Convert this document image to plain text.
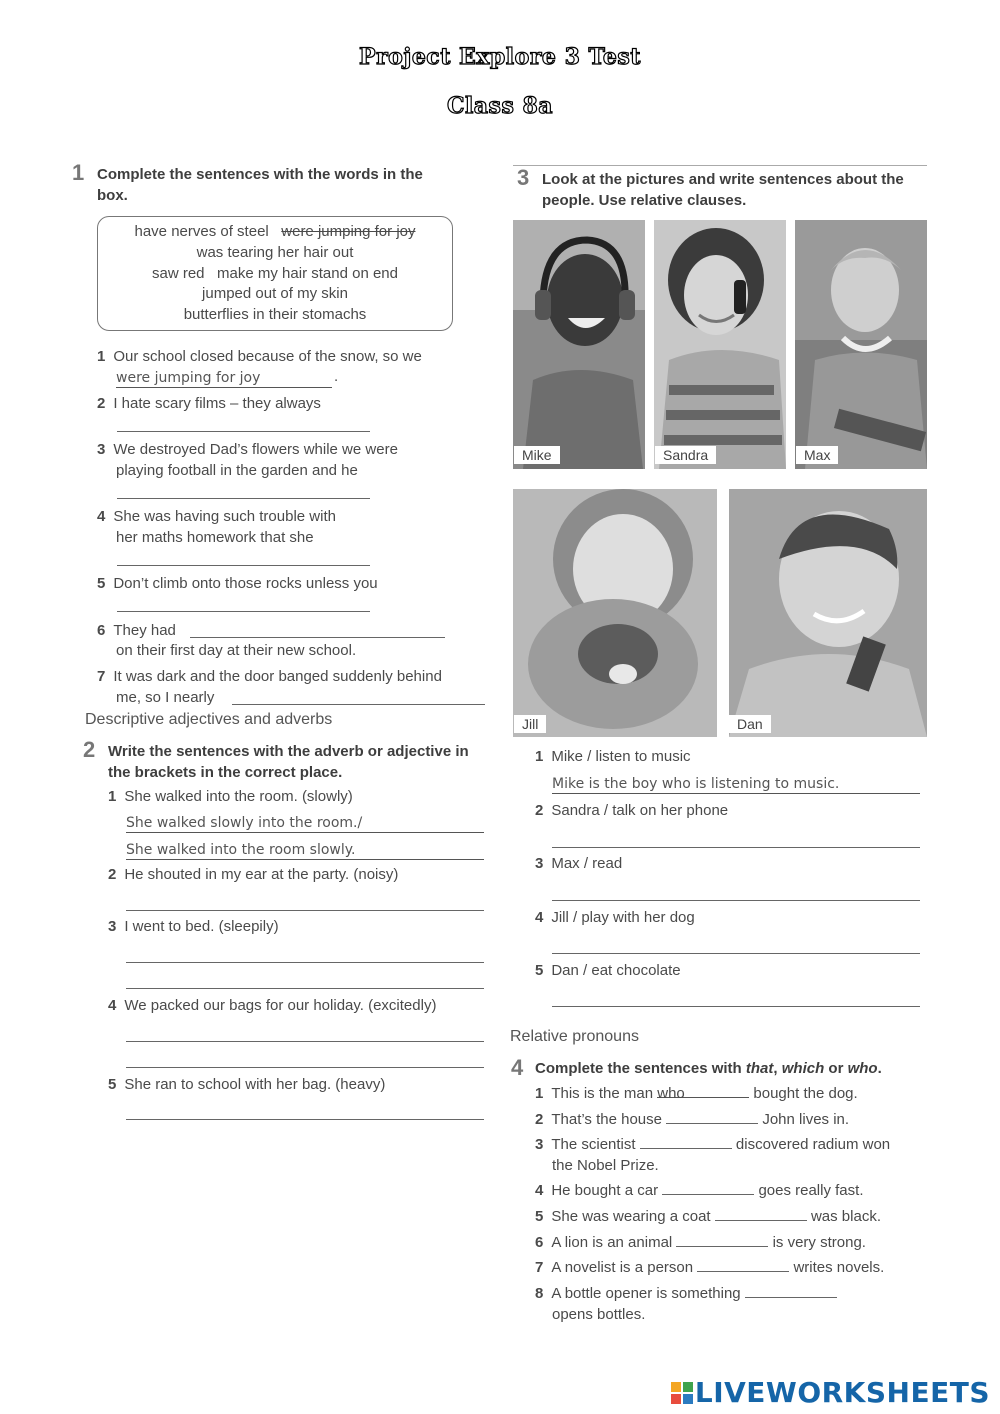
Project Explore 3 Test
Class 8a
1 Complete the sentences with the words in the box.
have nerves of steel were jumping for joy
was tearing her hair out
saw red make my hair stand on end
jumped out of my skin
butterflies in their stomachs
1 Our school closed because of the snow, so we
were jumping for joy	.
2 I hate scary films – they always
3 We destroyed Dad’s flowers while we were
playing football in the garden and he
4 She was having such trouble with
her maths homework that she
5 Don’t climb onto those rocks unless you
6 They had
on their first day at their new school.
7 It was dark and the door banged suddenly behind
me, so I nearly
Descriptive adjectives and adverbs
2 Write the sentences with the adverb or adjective in the brackets in the correct place.
1 She walked into the room. (slowly)
She walked slowly into the room./
She walked into the room slowly.
2 He shouted in my ear at the party. (noisy)
3 I went to bed. (sleepily)
4 We packed our bags for our holiday. (excitedly)
5 She ran to school with her bag. (heavy)
3 Look at the pictures and write sentences about the people. Use relative clauses.
Mike	Sandra	Max
Jill	Dan
1 Mike / listen to music
Mike is the boy who is listening to music.
2 Sandra / talk on her phone
3 Max / read
4 Jill / play with her dog
5 Dan / eat chocolate
Relative pronouns
4 Complete the sentences with that, which or who.
1 This is the man who	bought the dog.
2 That’s the house	John lives in.
3 The scientist	discovered radium won
the Nobel Prize.
4 He bought a car	goes really fast.
5 She was wearing a coat	was black.
6 A lion is an animal	is very strong.
7 A novelist is a person	writes novels.
8 A bottle opener is something
opens bottles.
LIVEWORKSHEETS
